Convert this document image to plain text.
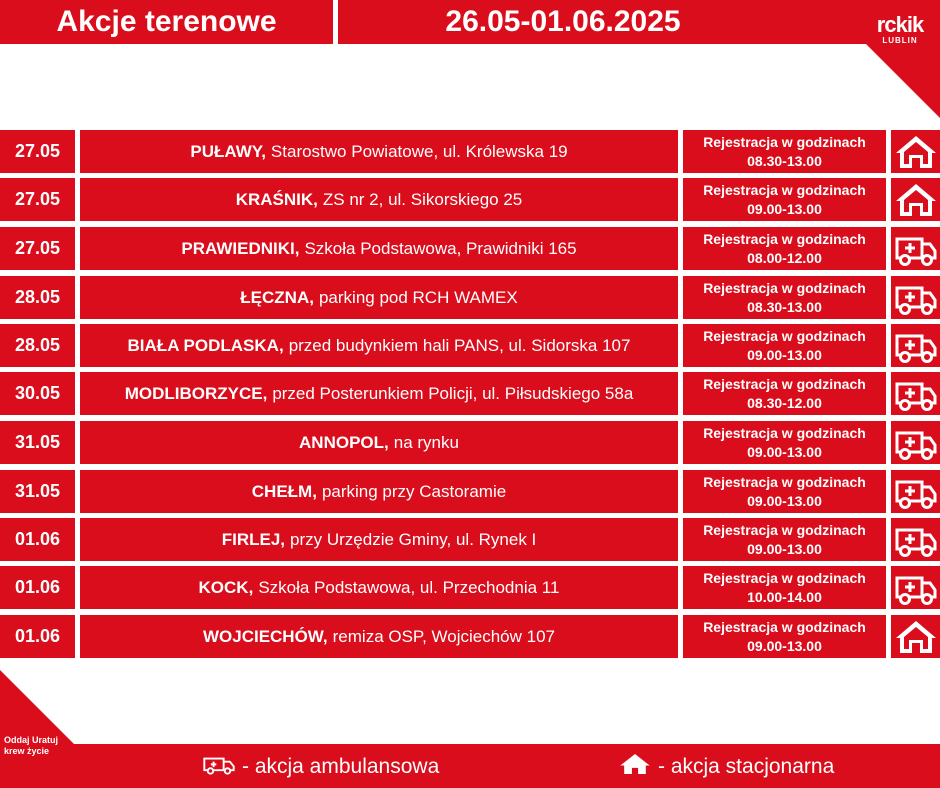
Akcje terenowe	26.05-01.06.2025	rckik
LUBLIN
27.05	PUŁAWY, Starostwo Powiatowe, ul. Królewska 19	Rejestracja w godzinach
08.30-13.00
27.05	KRAŚNIK, ZS nr 2, ul. Sikorskiego 25	Rejestracja w godzinach
09.00-13.00
27.05	PRAWIEDNIKI, Szkoła Podstawowa, Prawidniki 165	Rejestracja w godzinach
08.00-12.00
28.05	ŁĘCZNA, parking pod RCH WAMEX	Rejestracja w godzinach
08.30-13.00
28.05	BIAŁA PODLASKA, przed budynkiem hali PANS, ul. Sidorska 107	Rejestracja w godzinach
09.00-13.00
30.05	MODLIBORZYCE, przed Posterunkiem Policji, ul. Piłsudskiego 58a	Rejestracja w godzinach
08.30-12.00
31.05	ANNOPOL, na rynku	Rejestracja w godzinach
09.00-13.00
31.05	CHEŁM, parking przy Castoramie	Rejestracja w godzinach
09.00-13.00
01.06	FIRLEJ, przy Urzędzie Gminy, ul. Rynek I	Rejestracja w godzinach
09.00-13.00
01.06	KOCK, Szkoła Podstawowa, ul. Przechodnia 11	Rejestracja w godzinach
10.00-14.00
01.06	WOJCIECHÓW, remiza OSP, Wojciechów 107	Rejestracja w godzinach
09.00-13.00
Oddaj Uratuj
krew życie
- akcja ambulansowa	- akcja stacjonarna
